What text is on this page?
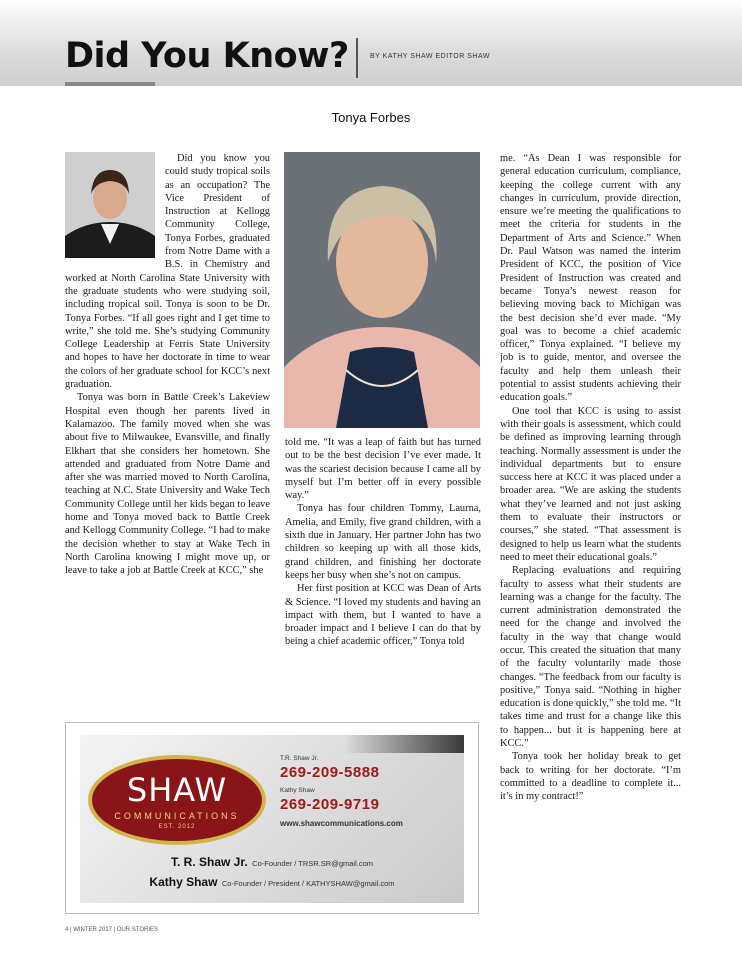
Did You Know?	BY KATHY SHAW EDITOR SHAW
Tonya Forbes

Did you know you could study tropical soils as an occupation? The Vice President of Instruction at Kellogg Community College, Tonya Forbes, graduated from Notre Dame with a B.S. in Chemistry and worked at North Carolina State University with the graduate students who were studying soil, including tropical soil. Tonya is soon to be Dr. Tonya Forbes. “If all goes right and I get time to write,” she told me. She’s studying Community College Leadership at Ferris State University and hopes to have her doctorate in time to wear the colors of her graduate school for KCC’s next graduation.

Tonya was born in Battle Creek’s Lakeview Hospital even though her parents lived in Kalamazoo. The family moved when she was about five to Milwaukee, Evansville, and finally Elkhart that she considers her hometown. She attended and graduated from Notre Dame and after she was married moved to North Carolina, teaching at N.C. State University and Wake Tech Community College until her kids began to leave home and Tonya moved back to Battle Creek and Kellogg Community College. “I had to make the decision whether to stay at Wake Tech in North Carolina knowing I might move up, or leave to take a job at Battle Creek at KCC,” she

told me. “It was a leap of faith but has turned out to be the best decision I’ve ever made. It was the scariest decision because I came all by myself but I’m better off in every possible way.”

Tonya has four children Tommy, Laurna, Amelia, and Emily, five grand children, with a sixth due in January. Her partner John has two children so keeping up with all those kids, grand children, and finishing her doctorate keeps her busy when she’s not on campus.

Her first position at KCC was Dean of Arts & Science. “I loved my students and having an impact with them, but I wanted to have a broader impact and I believe I can do that by being a chief academic officer,” Tonya told

me. “As Dean I was responsible for general education curriculum, compliance, keeping the college current with any changes in curriculum, provide direction, ensure we’re meeting the qualifications to meet the criteria for students in the Department of Arts and Science.” When Dr. Paul Watson was named the interim President of KCC, the position of Vice President of Instruction was created and became Tonya’s newest reason for believing moving back to Michigan was the best decision she’d ever made. “My goal was to become a chief academic officer,” Tonya explained. “I believe my job is to guide, mentor, and oversee the faculty and help them unleash their potential to assist students achieving their education goals.”

One tool that KCC is using to assist with their goals is assessment, which could be defined as improving learning through teaching. Normally assessment is under the individual departments but to ensure success here at KCC it was placed under a broader area. “We are asking the students what they’ve learned and not just asking them to evaluate their instructors or courses,” she stated. “That assessment is designed to help us learn what the students need to meet their educational goals.”

Replacing evaluations and requiring faculty to assess what their students are learning was a change for the faculty. The current administration demonstrated the need for the change and involved the faculty in the way that change would occur. This created the situation that many of the faculty voluntarily made those changes. “The feedback from our faculty is positive,” Tonya said. “Nothing in higher education is done quickly,” she told me. “It takes time and trust for a change like this to happen... but it is happening here at KCC.”

Tonya took her holiday break to get back to writing for her doctorate. “I’m committed to a deadline to complete it... it’s in my contract!”

SHAW
COMMUNICATIONS
EST. 2012
T.R. Shaw Jr.
269-209-5888
Kathy Shaw
269-209-9719
www.shawcommunications.com
T. R. Shaw Jr. Co-Founder / TRSR.SR@gmail.com
Kathy Shaw Co-Founder / President / KATHYSHAW@gmail.com
4 | WINTER 2017 | OUR STORIES
